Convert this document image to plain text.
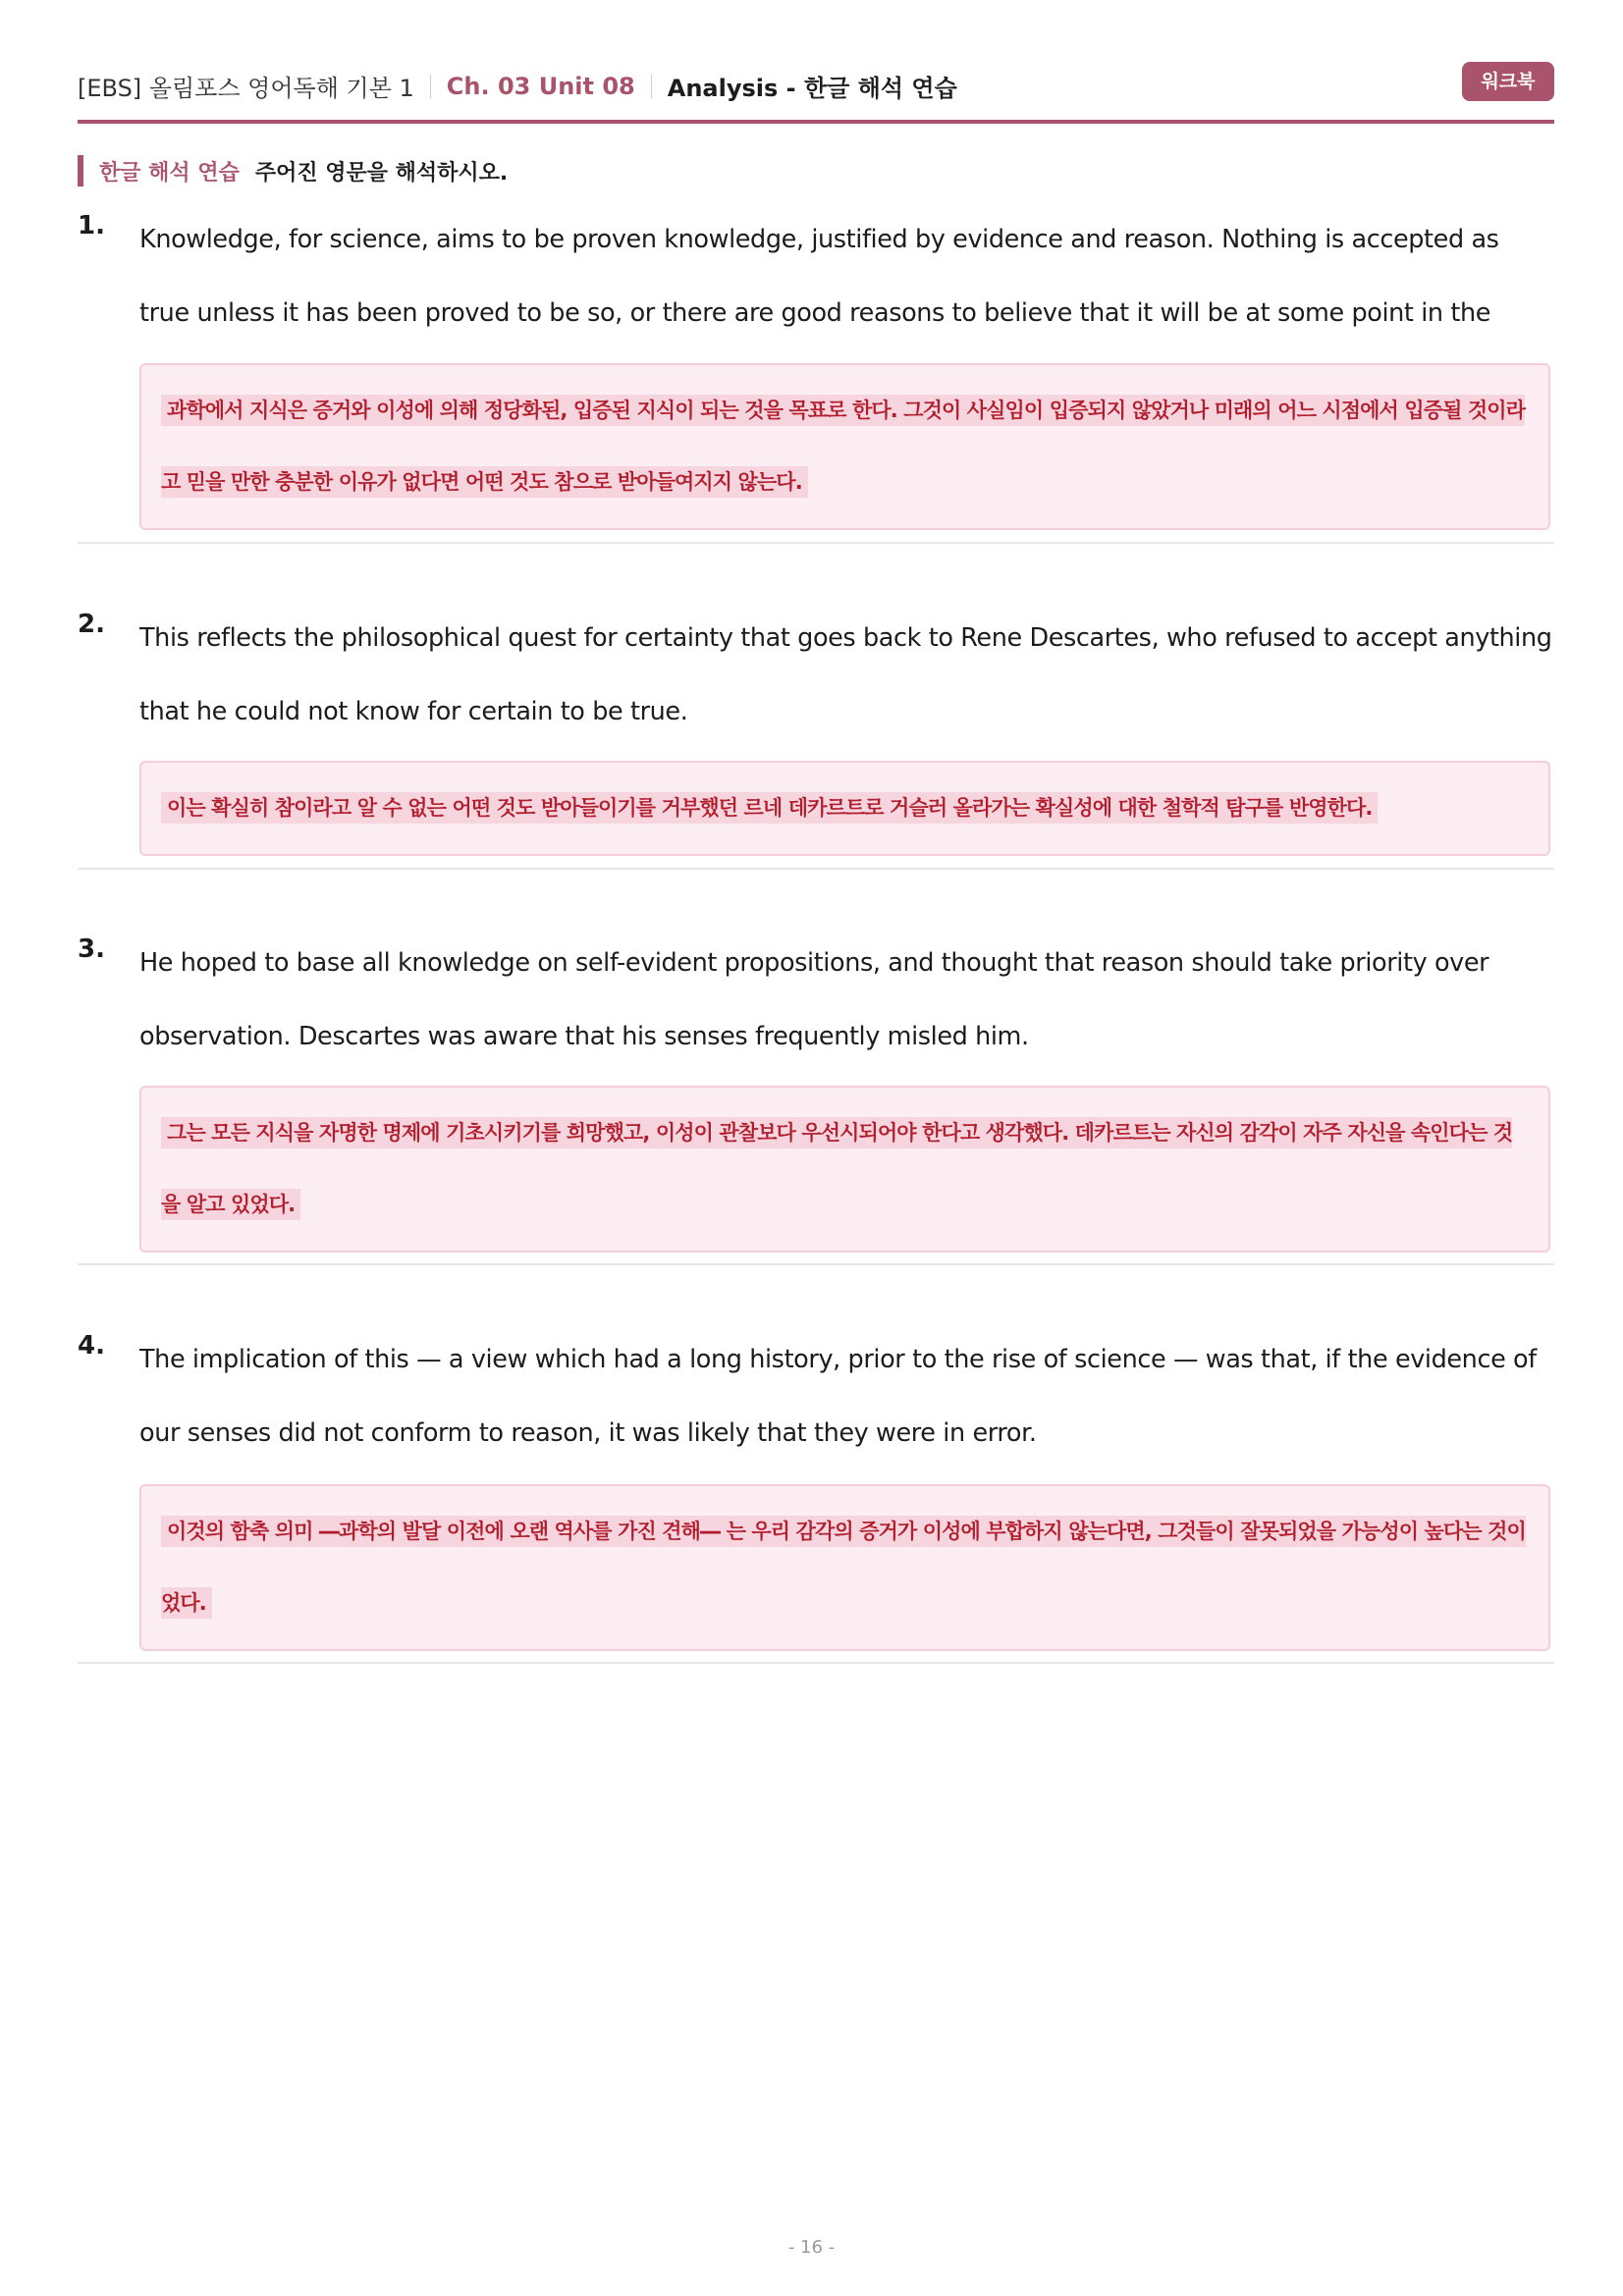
[EBS] 올림포스 영어독해 기본 1 Ch. 03 Unit 08 Analysis - 한글 해석 연습	워크북
한글 해석 연습 주어진 영문을 해석하시오.
1. Knowledge, for science, aims to be proven knowledge, justified by evidence and reason. Nothing is accepted as true unless it has been proved to be so, or there are good reasons to believe that it will be at some point in the

과학에서 지식은 증거와 이성에 의해 정당화된, 입증된 지식이 되는 것을 목표로 한다. 그것이 사실임이 입증되지 않았거나 미래의 어느 시점에서 입증될 것이라고 믿을 만한 충분한 이유가 없다면 어떤 것도 참으로 받아들여지지 않는다.

2. This reflects the philosophical quest for certainty that goes back to Rene Descartes, who refused to accept anything that he could not know for certain to be true.

이는 확실히 참이라고 알 수 없는 어떤 것도 받아들이기를 거부했던 르네 데카르트로 거슬러 올라가는 확실성에 대한 철학적 탐구를 반영한다.

3. He hoped to base all knowledge on self-evident propositions, and thought that reason should take priority over observation. Descartes was aware that his senses frequently misled him.

그는 모든 지식을 자명한 명제에 기초시키기를 희망했고, 이성이 관찰보다 우선시되어야 한다고 생각했다. 데카르트는 자신의 감각이 자주 자신을 속인다는 것을 알고 있었다.

4. The implication of this — a view which had a long history, prior to the rise of science — was that, if the evidence of our senses did not conform to reason, it was likely that they were in error.

이것의 함축 의미 ―과학의 발달 이전에 오랜 역사를 가진 견해― 는 우리 감각의 증거가 이성에 부합하지 않는다면, 그것들이 잘못되었을 가능성이 높다는 것이었다.

- 16 -
